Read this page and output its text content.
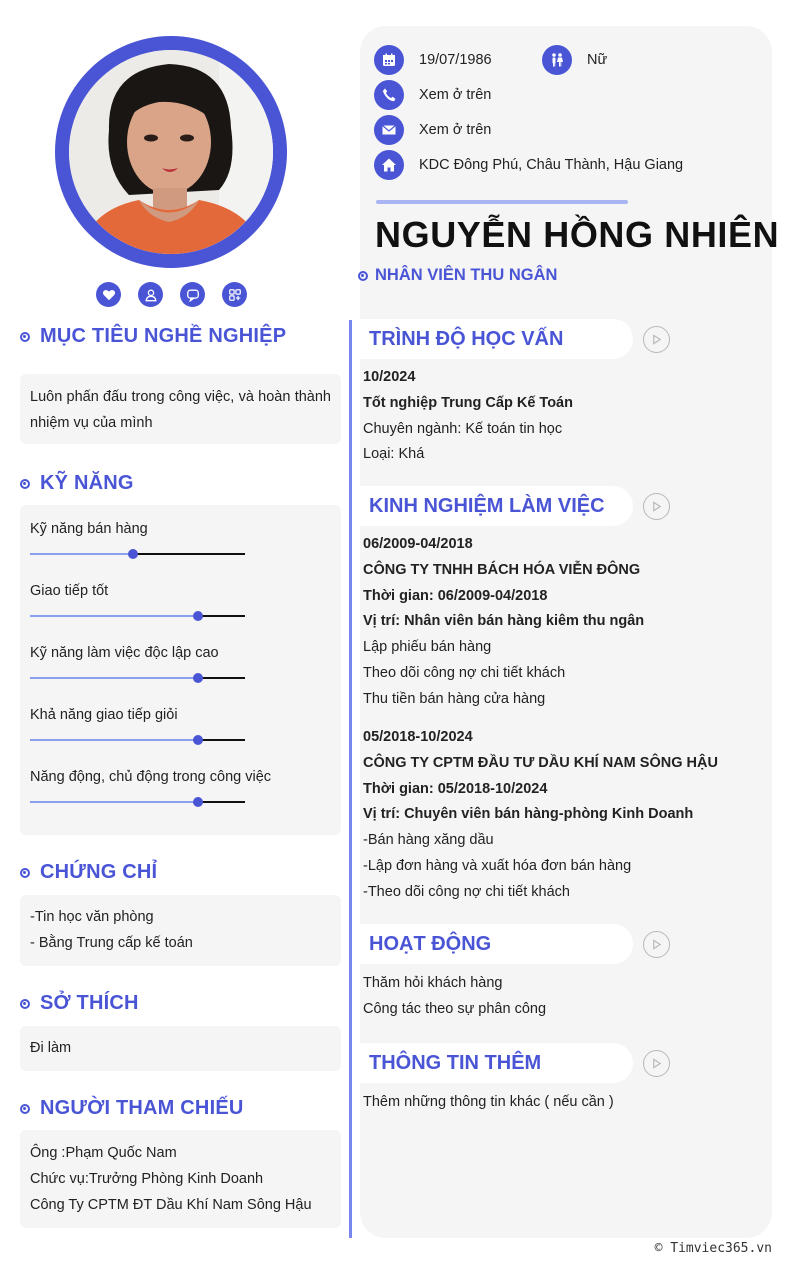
19/07/1986	Nữ
Xem ở trên
Xem ở trên
KDC Đông Phú, Châu Thành, Hậu Giang
NGUYỄN HỒNG NHIÊN
NHÂN VIÊN THU NGÂN
MỤC TIÊU NGHỀ NGHIỆP

Luôn phấn đấu trong công việc, và hoàn thành nhiệm vụ của mình

KỸ NĂNG
Kỹ năng bán hàng
Giao tiếp tốt
Kỹ năng làm việc độc lập cao
Khả năng giao tiếp giỏi
Năng động, chủ động trong công việc
CHỨNG CHỈ

-Tin học văn phòng

- Bằng Trung cấp kế toán

SỞ THÍCH

Đi làm

NGƯỜI THAM CHIẾU

Ông :Phạm Quốc Nam

Chức vụ:Trưởng Phòng Kinh Doanh

Công Ty CPTM ĐT Dầu Khí Nam Sông Hậu

TRÌNH ĐỘ HỌC VẤN
10/2024
Tốt nghiệp Trung Cấp Kế Toán
Chuyên ngành: Kế toán tin học
Loại: Khá
KINH NGHIỆM LÀM VIỆC
06/2009-04/2018
CÔNG TY TNHH BÁCH HÓA VIỄN ĐÔNG
Thời gian: 06/2009-04/2018
Vị trí: Nhân viên bán hàng kiêm thu ngân
Lập phiếu bán hàng
Theo dõi công nợ chi tiết khách
Thu tiền bán hàng cửa hàng
05/2018-10/2024
CÔNG TY CPTM ĐẦU TƯ DẦU KHÍ NAM SÔNG HẬU
Thời gian: 05/2018-10/2024
Vị trí: Chuyên viên bán hàng-phòng Kinh Doanh
-Bán hàng xăng dầu
-Lập đơn hàng và xuất hóa đơn bán hàng
-Theo dõi công nợ chi tiết khách
HOẠT ĐỘNG
Thăm hỏi khách hàng
Công tác theo sự phân công
THÔNG TIN THÊM
Thêm những thông tin khác ( nếu cần )
© Timviec365.vn
